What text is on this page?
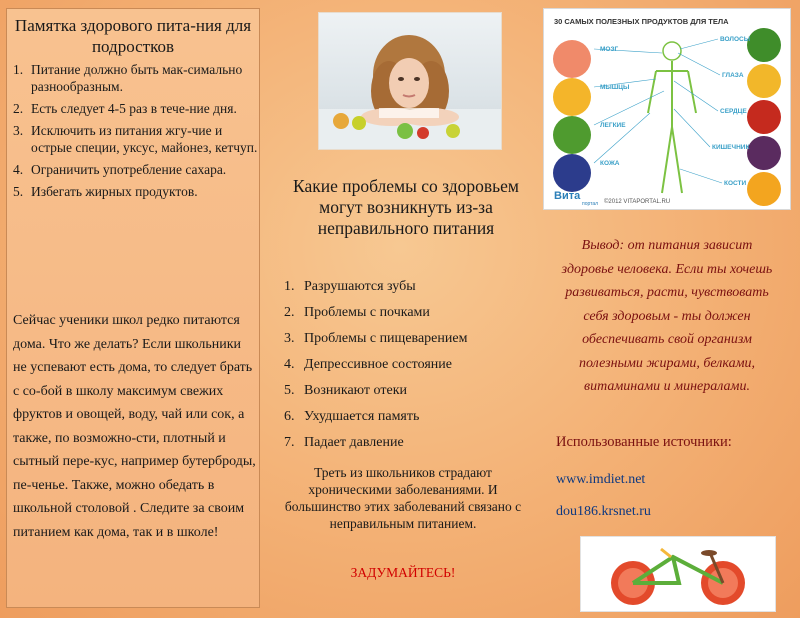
Памятка здорового пита-ния для подростков
1. Питание должно быть мак-симально разнообразным.
2. Есть следует 4-5 раз в тече-ние дня.
3. Исключить из питания жгу-чие и острые специи, уксус, майонез, кетчуп.
4. Ограничить употребление сахара.
5. Избегать жирных продуктов.
Сейчас ученики школ редко питаются дома. Что же делать? Если школьники не успевают есть дома, то следует брать с со-бой в школу максимум свежих фруктов и овощей, воду, чай или сок, а также, по возможно-сти, плотный и сытный пере-кус, например бутерброды, пе-ченье. Также, можно обедать в школьной столовой . Следите за своим питанием как дома, так и в школе!
Какие проблемы со здоровьем могут возникнуть из-за неправильного питания
1. Разрушаются зубы
2. Проблемы с почками
3. Проблемы с пищеварением
4. Депрессивное состояние
5. Возникают отеки
6. Ухудшается память
7. Падает давление
Треть из школьников страдают хроническими заболеваниями. И большинство этих заболеваний связано с неправильным питанием.
ЗАДУМАЙТЕСЬ!
30 САМЫХ ПОЛЕЗНЫХ ПРОДУКТОВ ДЛЯ ТЕЛА
МОЗГ
МЫШЦЫ
ЛЕГКИЕ
КОЖА
ВОЛОСЫ
ГЛАЗА
СЕРДЦЕ
КИШЕЧНИК
КОСТИ
Вита
портал ©2012 VITAPORTAL.RU
Вывод: от питания зависит здоровье человека. Если ты хочешь развиваться, расти, чувствовать себя здоровым - ты должен обеспечивать свой организм полезными жирами, белками, витаминами и минералами.
Использованные источники:
www.imdiet.net
dou186.krsnet.ru
